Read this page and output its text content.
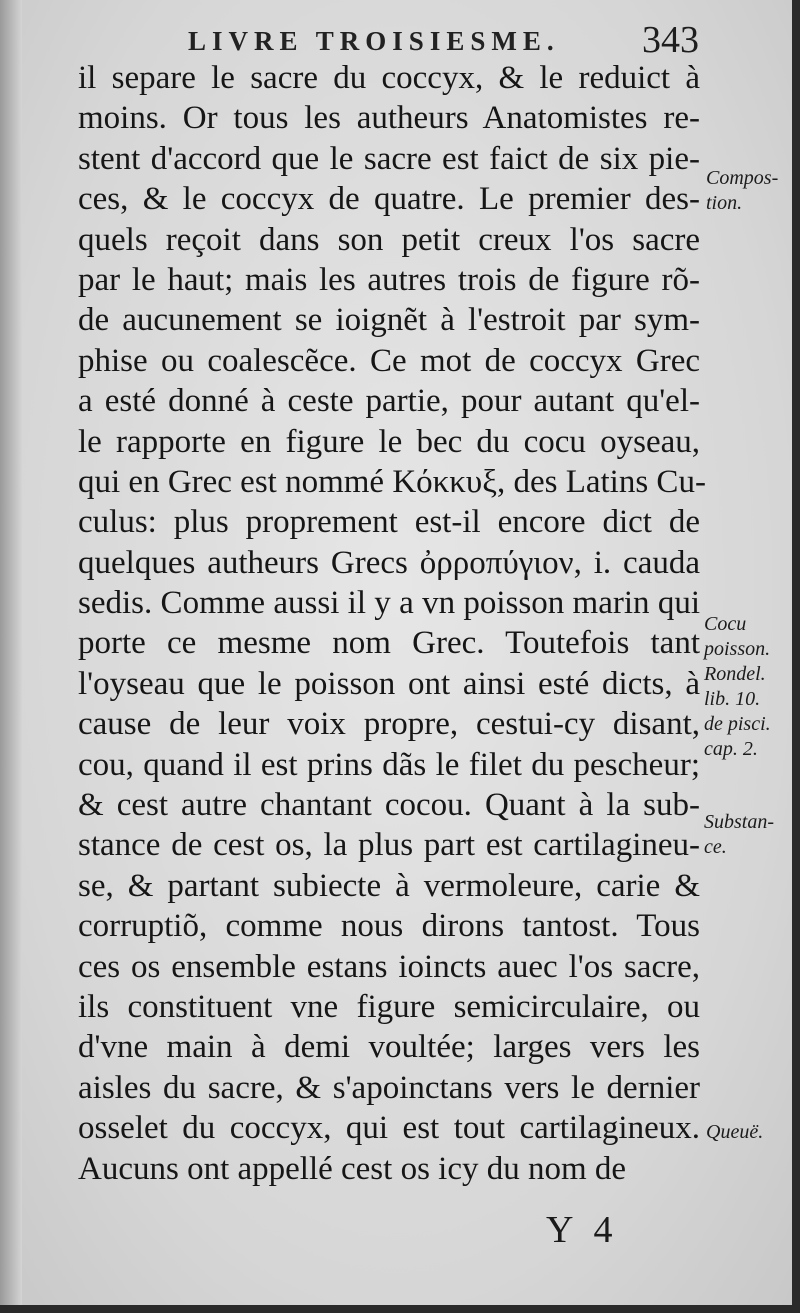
LIVRE TROISIESME. 343
il separe le sacre du coccyx, & le reduict à
moins. Or tous les autheurs Anatomistes re-
stent d'accord que le sacre est faict de six pie-
ces, & le coccyx de quatre. Le premier des-
quels reçoit dans son petit creux l'os sacre
par le haut; mais les autres trois de figure rõ-
de aucunement se ioignẽt à l'estroit par sym-
phise ou coalescẽce. Ce mot de coccyx Grec
a esté donné à ceste partie, pour autant qu'el-
le rapporte en figure le bec du cocu oyseau,
qui en Grec est nommé Κόκκυξ, des Latins Cu-
culus: plus proprement est-il encore dict de
quelques autheurs Grecs ὀρροπύγιον, i. cauda
sedis. Comme aussi il y a vn poisson marin qui
porte ce mesme nom Grec. Toutefois tant
l'oyseau que le poisson ont ainsi esté dicts, à
cause de leur voix propre, cestui-cy disant,
cou, quand il est prins dãs le filet du pescheur;
& cest autre chantant cocou. Quant à la sub-
stance de cest os, la plus part est cartilagineu-
se, & partant subiecte à vermoleure, carie &
corruptiõ, comme nous dirons tantost. Tous
ces os ensemble estans ioincts auec l'os sacre,
ils constituent vne figure semicirculaire, ou
d'vne main à demi voultée; larges vers les
aisles du sacre, & s'apoinctans vers le dernier
osselet du coccyx, qui est tout cartilagineux.
Aucuns ont appellé cest os icy du nom de
Compos-
tion.
Cocu
poisson.
Rondel.
lib. 10.
de pisci.
cap. 2.
Substan-
ce.
Queuë.
Y 4
